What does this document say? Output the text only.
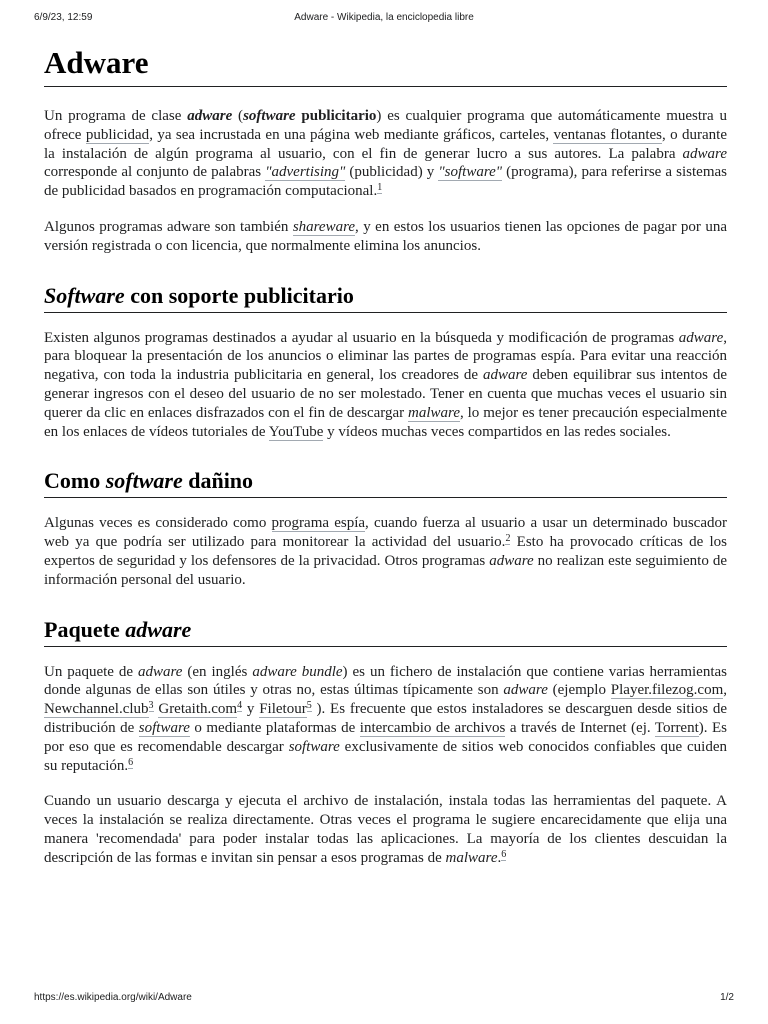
6/9/23, 12:59	Adware - Wikipedia, la enciclopedia libre
Adware

Un programa de clase adware (software publicitario) es cualquier programa que automáticamente muestra u ofrece publicidad, ya sea incrustada en una página web mediante gráficos, carteles, ventanas flotantes, o durante la instalación de algún programa al usuario, con el fin de generar lucro a sus autores. La palabra adware corresponde al conjunto de palabras "advertising" (publicidad) y "software" (programa), para referirse a sistemas de publicidad basados en programación computacional.$^1$

Algunos programas adware son también shareware, y en estos los usuarios tienen las opciones de pagar por una versión registrada o con licencia, que normalmente elimina los anuncios.

Software con soporte publicitario

Existen algunos programas destinados a ayudar al usuario en la búsqueda y modificación de programas adware, para bloquear la presentación de los anuncios o eliminar las partes de programas espía. Para evitar una reacción negativa, con toda la industria publicitaria en general, los creadores de adware deben equilibrar sus intentos de generar ingresos con el deseo del usuario de no ser molestado. Tener en cuenta que muchas veces el usuario sin querer da clic en enlaces disfrazados con el fin de descargar malware, lo mejor es tener precaución especialmente en los enlaces de vídeos tutoriales de YouTube y vídeos muchas veces compartidos en las redes sociales.

Como software dañino

Algunas veces es considerado como programa espía, cuando fuerza al usuario a usar un determinado buscador web ya que podría ser utilizado para monitorear la actividad del usuario.$^2$ Esto ha provocado críticas de los expertos de seguridad y los defensores de la privacidad. Otros programas adware no realizan este seguimiento de información personal del usuario.

Paquete adware

Un paquete de adware (en inglés adware bundle) es un fichero de instalación que contiene varias herramientas donde algunas de ellas son útiles y otras no, estas últimas típicamente son adware (ejemplo Player.filezog.com, Newchannel.club$^3$ Gretaith.com$^4$ y Filetour$^5$ ). Es frecuente que estos instaladores se descarguen desde sitios de distribución de software o mediante plataformas de intercambio de archivos a través de Internet (ej. Torrent). Es por eso que es recomendable descargar software exclusivamente de sitios web conocidos confiables que cuiden su reputación.$^6$

Cuando un usuario descarga y ejecuta el archivo de instalación, instala todas las herramientas del paquete. A veces la instalación se realiza directamente. Otras veces el programa le sugiere encarecidamente que elija una manera 'recomendada' para poder instalar todas las aplicaciones. La mayoría de los clientes descuidan la descripción de las formas e invitan sin pensar a esos programas de malware.$^6$

https://es.wikipedia.org/wiki/Adware	1/2
